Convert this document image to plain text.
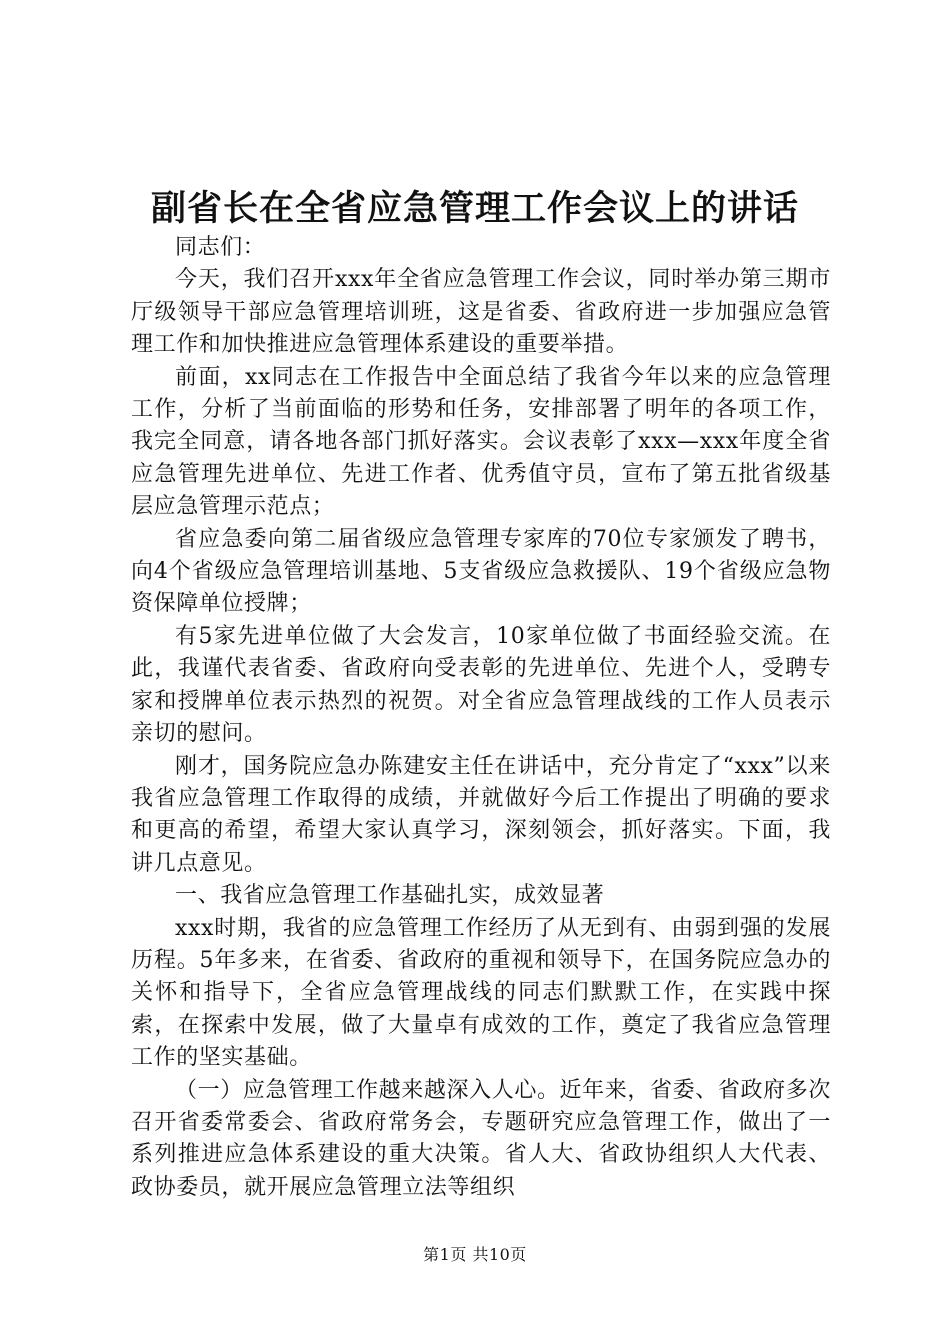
副省长在全省应急管理工作会议上的讲话

同志们：

今天，我们召开xxx年全省应急管理工作会议，同时举办第三期市厅级领导干部应急管理培训班，这是省委、省政府进一步加强应急管理工作和加快推进应急管理体系建设的重要举措。

前面，xx同志在工作报告中全面总结了我省今年以来的应急管理工作，分析了当前面临的形势和任务，安排部署了明年的各项工作，我完全同意，请各地各部门抓好落实。会议表彰了xxx—xxx年度全省应急管理先进单位、先进工作者、优秀值守员，宣布了第五批省级基层应急管理示范点；

省应急委向第二届省级应急管理专家库的70位专家颁发了聘书，向4个省级应急管理培训基地、5支省级应急救援队、19个省级应急物资保障单位授牌；

有5家先进单位做了大会发言，10家单位做了书面经验交流。在此，我谨代表省委、省政府向受表彰的先进单位、先进个人，受聘专家和授牌单位表示热烈的祝贺。对全省应急管理战线的工作人员表示亲切的慰问。

刚才，国务院应急办陈建安主任在讲话中，充分肯定了“xxx”以来我省应急管理工作取得的成绩，并就做好今后工作提出了明确的要求和更高的希望，希望大家认真学习，深刻领会，抓好落实。下面，我讲几点意见。

一、我省应急管理工作基础扎实，成效显著

xxx时期，我省的应急管理工作经历了从无到有、由弱到强的发展历程。5年多来，在省委、省政府的重视和领导下，在国务院应急办的关怀和指导下，全省应急管理战线的同志们默默工作，在实践中探索，在探索中发展，做了大量卓有成效的工作，奠定了我省应急管理工作的坚实基础。

（一）应急管理工作越来越深入人心。近年来，省委、省政府多次召开省委常委会、省政府常务会，专题研究应急管理工作，做出了一系列推进应急体系建设的重大决策。省人大、省政协组织人大代表、政协委员，就开展应急管理立法等组织

第1页 共10页
